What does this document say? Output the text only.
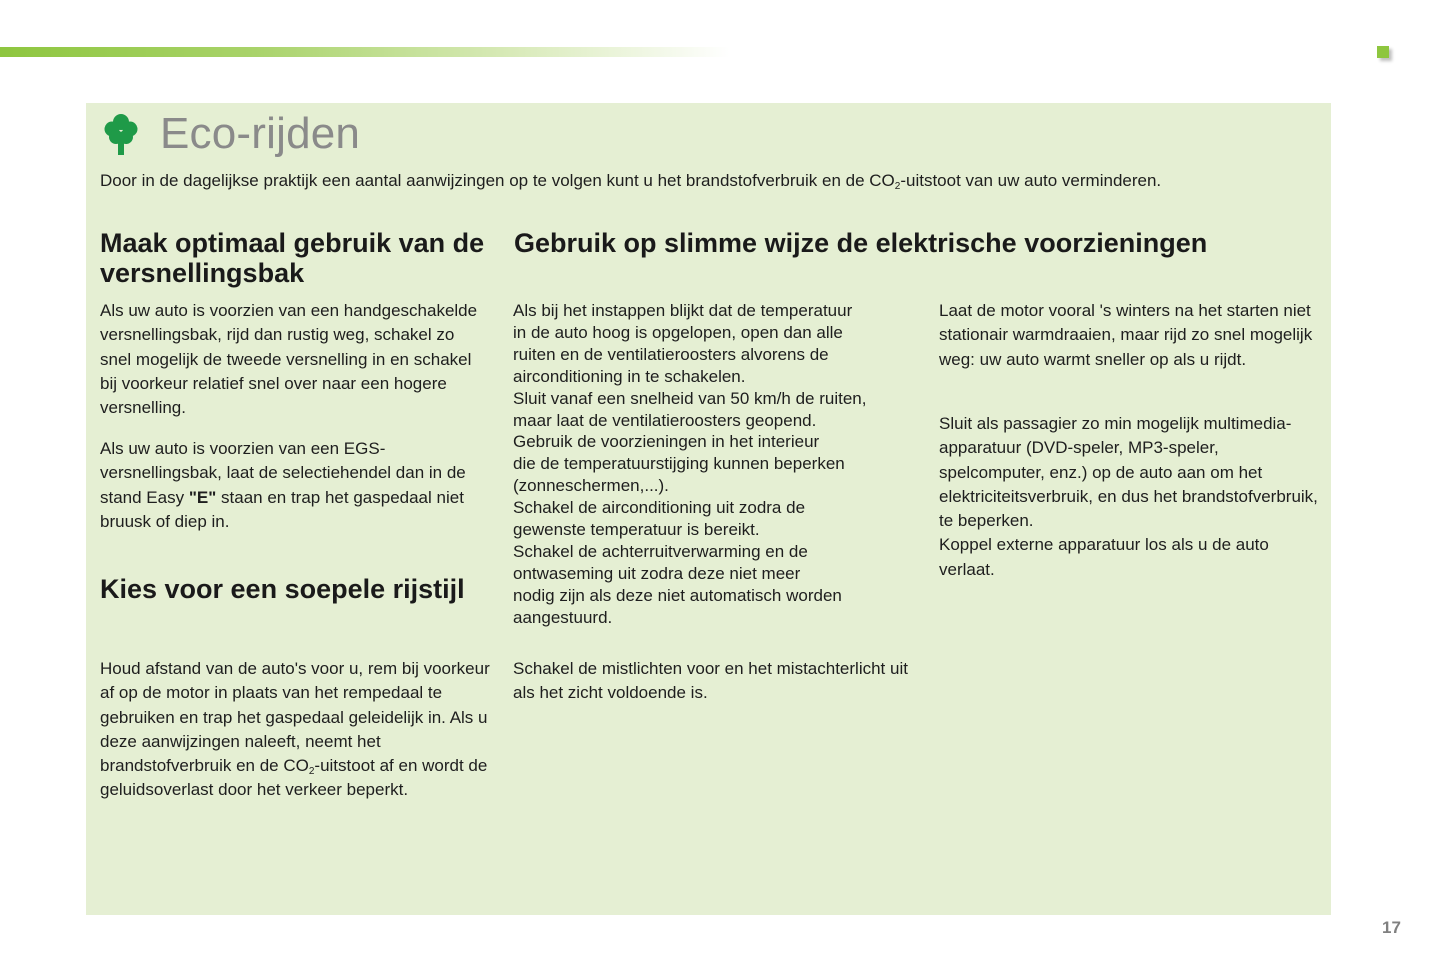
Eco-rijden
Door in de dagelijkse praktijk een aantal aanwijzingen op te volgen kunt u het brandstofverbruik en de $CO_2$-uitstoot van uw auto verminderen.
Maak optimaal gebruik van de versnellingsbak
Gebruik op slimme wijze de elektrische voorzieningen
Kies voor een soepele rijstijl

Als uw auto is voorzien van een handgeschakelde versnellingsbak, rijd dan rustig weg, schakel zo snel mogelijk de tweede versnelling in en schakel bij voorkeur relatief snel over naar een hogere versnelling.

Als uw auto is voorzien van een EGS-versnellingsbak, laat de selectiehendel dan in de stand Easy "E" staan en trap het gaspedaal niet bruusk of diep in.

Houd afstand van de auto's voor u, rem bij voorkeur af op de motor in plaats van het rempedaal te gebruiken en trap het gaspedaal geleidelijk in. Als u deze aanwijzingen naleeft, neemt het brandstofverbruik en de $CO_2$-uitstoot af en wordt de geluidsoverlast door het verkeer beperkt.

Als bij het instappen blijkt dat de temperatuur
in de auto hoog is opgelopen, open dan alle
ruiten en de ventilatieroosters alvorens de
airconditioning in te schakelen.
Sluit vanaf een snelheid van 50 km/h de ruiten,
maar laat de ventilatieroosters geopend.
Gebruik de voorzieningen in het interieur
die de temperatuurstijging kunnen beperken
(zonneschermen,...).
Schakel de airconditioning uit zodra de
gewenste temperatuur is bereikt.
Schakel de achterruitverwarming en de
ontwaseming uit zodra deze niet meer
nodig zijn als deze niet automatisch worden
aangestuurd.

Schakel de mistlichten voor en het mistachterlicht uit als het zicht voldoende is.

Laat de motor vooral 's winters na het starten niet stationair warmdraaien, maar rijd zo snel mogelijk weg: uw auto warmt sneller op als u rijdt.

Sluit als passagier zo min mogelijk multimedia-apparatuur (DVD-speler, MP3-speler, spelcomputer, enz.) op de auto aan om het elektriciteitsverbruik, en dus het brandstofverbruik, te beperken.
Koppel externe apparatuur los als u de auto verlaat.

17
